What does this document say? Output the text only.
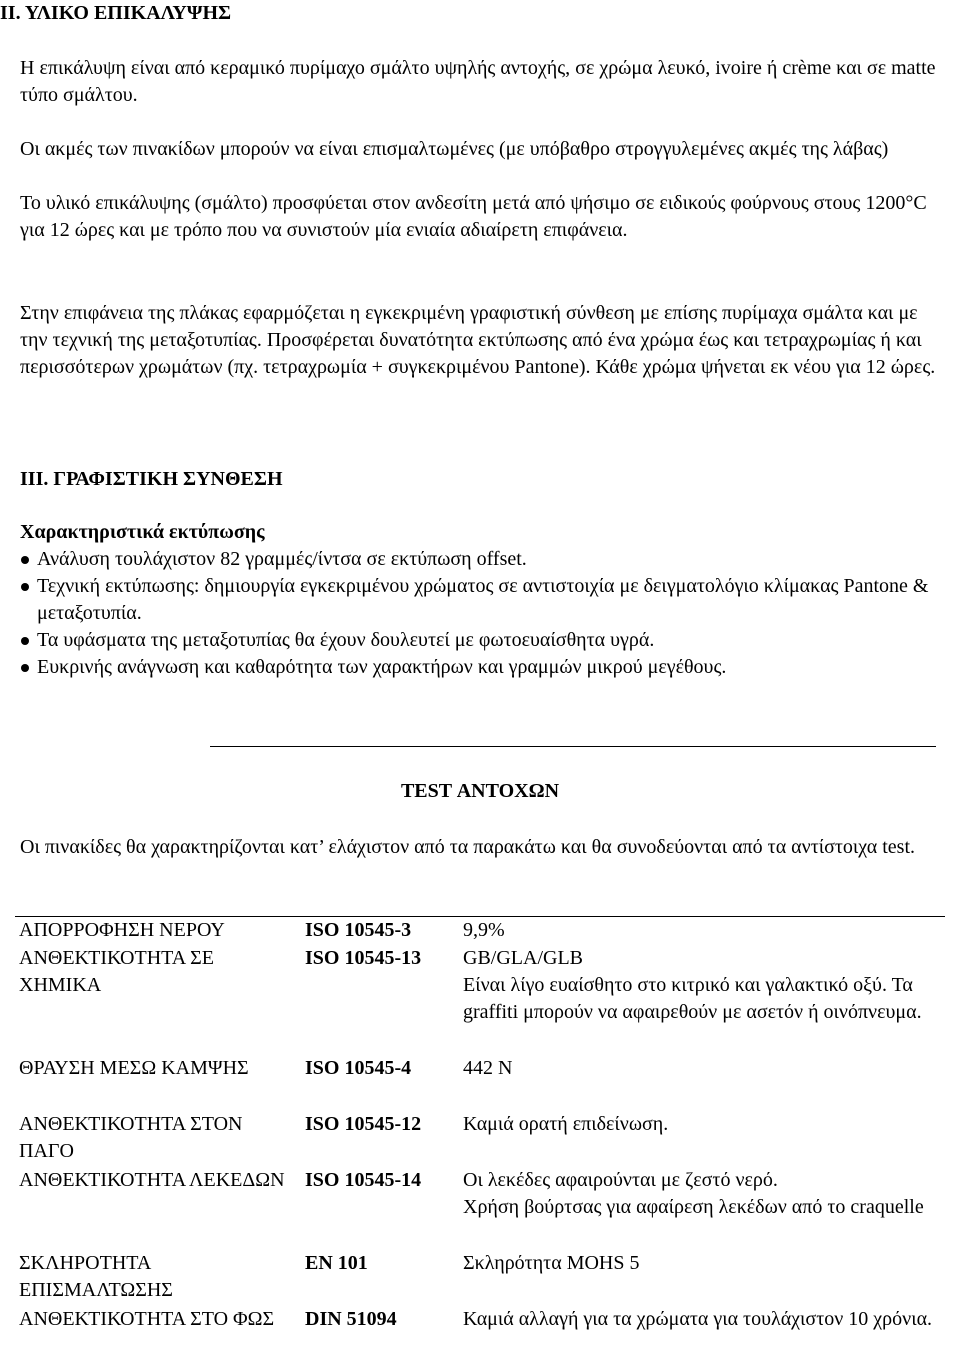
ΙΙ. ΥΛΙΚΟ ΕΠΙΚΑΛΥΨΗΣ
Η επικάλυψη είναι από κεραμικό πυρίμαχο σμάλτο υψηλής αντοχής, σε χρώμα λευκό, ivoire ή crème και σε matte τύπο σμάλτου.
Οι ακμές των πινακίδων μπορούν να είναι επισμαλτωμένες (με υπόβαθρο στρογγυλεμένες ακμές της λάβας)
Το υλικό επικάλυψης (σμάλτο) προσφύεται στον ανδεσίτη μετά από ψήσιμο σε ειδικούς φούρνους στους 1200°C για 12 ώρες και με τρόπο που να συνιστούν μία ενιαία αδιαίρετη επιφάνεια.
Στην επιφάνεια της πλάκας εφαρμόζεται η εγκεκριμένη γραφιστική σύνθεση με επίσης πυρίμαχα σμάλτα και με την τεχνική της μεταξοτυπίας. Προσφέρεται δυνατότητα εκτύπωσης από ένα χρώμα έως και τετραχρωμίας ή και περισσότερων χρωμάτων (πχ. τετραχρωμία + συγκεκριμένου Pantone). Κάθε χρώμα ψήνεται εκ νέου για 12 ώρες.
ΙΙΙ. ΓΡΑΦΙΣΤΙΚΗ ΣΥΝΘΕΣΗ
Χαρακτηριστικά εκτύπωσης
Ανάλυση τουλάχιστον 82 γραμμές/ίντσα σε εκτύπωση offset.
Τεχνική εκτύπωσης: δημιουργία εγκεκριμένου χρώματος σε αντιστοιχία με δειγματολόγιο κλίμακας Pantone & μεταξοτυπία.
Τα υφάσματα της μεταξοτυπίας θα έχουν δουλευτεί με φωτοευαίσθητα υγρά.
Ευκρινής ανάγνωση και καθαρότητα των χαρακτήρων και γραμμών μικρού μεγέθους.
TEST ΑΝΤΟΧΩΝ
Οι πινακίδες θα χαρακτηρίζονται κατ’ ελάχιστον από τα παρακάτω και θα συνοδεύονται από τα αντίστοιχα test.
ΑΠΟΡΡΟΦΗΣΗ ΝΕΡΟΥ	ISO 10545-3	9,9%
ΑΝΘΕΚΤΙΚΟΤΗΤΑ ΣΕ ΧΗΜΙΚΑ	ISO 10545-13	GB/GLA/GLB
Είναι λίγο ευαίσθητο στο κιτρικό και γαλακτικό οξύ. Τα graffiti μπορούν να αφαιρεθούν με ασετόν ή οινόπνευμα.

ΘΡΑΥΣΗ ΜΕΣΩ ΚΑΜΨΗΣ	ISO 10545-4	442 N
ΑΝΘΕΚΤΙΚΟΤΗΤΑ ΣΤΟΝ ΠΑΓΟ	ISO 10545-12	Καμιά ορατή επιδείνωση.
ΑΝΘΕΚΤΙΚΟΤΗΤΑ ΛΕΚΕΔΩΝ	ISO 10545-14	Οι λεκέδες αφαιρούνται με ζεστό νερό.
Χρήση βούρτσας για αφαίρεση λεκέδων από το craquelle

ΣΚΛΗΡΟΤΗΤΑ ΕΠΙΣΜΑΛΤΩΣΗΣ	EN 101	Σκληρότητα MOHS 5
ΑΝΘΕΚΤΙΚΟΤΗΤΑ ΣΤΟ ΦΩΣ	DIN 51094	Καμιά αλλαγή για τα χρώματα για τουλάχιστον 10 χρόνια.
